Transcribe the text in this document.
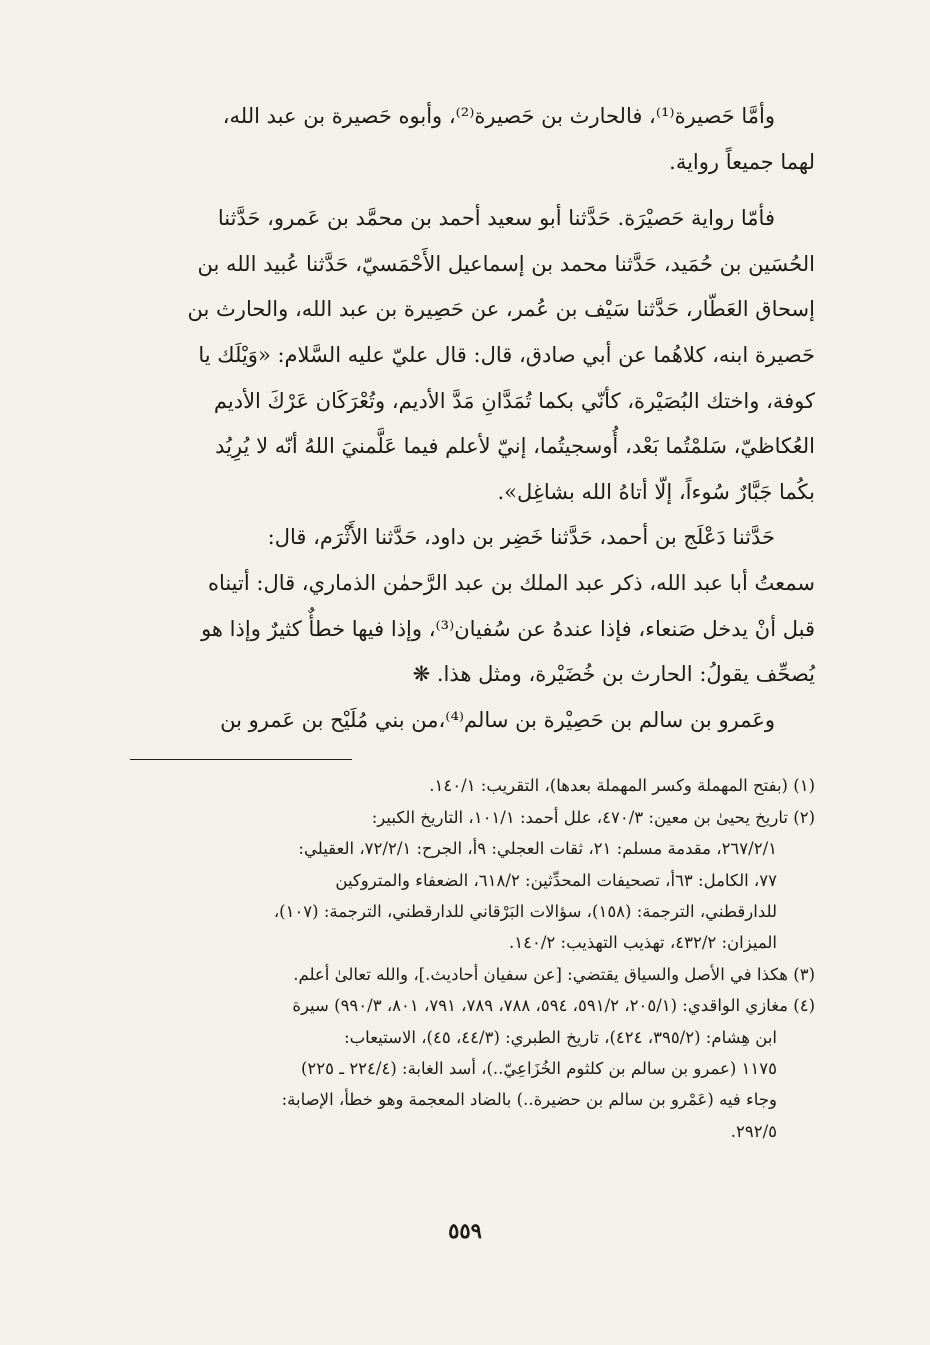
وأمَّا حَصيرة⁽¹⁾، فالحارث بن حَصيرة⁽²⁾، وأبوه حَصيرة بن عبد الله،
لهما جميعاً رواية.

فأمّا رواية حَصيْرَة. حَدَّثنا أبو سعيد أحمد بن محمَّد بن عَمرو، حَدَّثنا
الحُسَين بن حُمَيد، حَدَّثنا محمد بن إسماعيل الأَحْمَسيّ، حَدَّثنا عُبيد الله بن
إسحاق العَطّار، حَدَّثنا سَيْف بن عُمر، عن حَصِيرة بن عبد الله، والحارث بن
حَصيرة ابنه، كلاهُما عن أبي صادق، قال: قال عليّ عليه السَّلام: «وَيْلَك يا
كوفة، واختك البُصَيْرة، كأنّي بكما تُمَدَّانِ مَدَّ الأديم، وتُعْرَكَان عَرْكَ الأديم
العُكاظيّ، سَلمْتُما بَعْد، أُوسجيتُما، إنيّ لأعلم فيما عَلَّمنيَ اللهُ أنّه لا يُرِيُد
بكُما جَبَّارٌ سُوءاً، إلّا أتاهُ الله بشاغِل».

حَدَّثنا دَعْلَج بن أحمد، حَدَّثنا خَضِر بن داود، حَدَّثنا الأَثْرَم، قال:
سمعتُ أبا عبد الله، ذكر عبد الملك بن عبد الرَّحمٰن الذماري، قال: أتيناه
قبل أنْ يدخل صَنعاء، فإذا عندهُ عن سُفيان⁽³⁾، وإذا فيها خطأٌ كثيرٌ وإذا هو
يُصحِّف يقولُ: الحارث بن خُضَيْرة، ومثل هذا. ❋

وعَمرو بن سالم بن حَصِيْرة بن سالم⁽⁴⁾،من بني مُلَيْح بن عَمرو بن

(١) (بفتح المهملة وكسر المهملة بعدها)، التقريب: ١٤٠/١.

(٢) تاريخ يحيىٰ بن معين: ٤٧٠/٣، علل أحمد: ١٠١/١، التاريخ الكبير:
٢٦٧/٢/١، مقدمة مسلم: ٢١، ثقات العجلي: ٩أ، الجرح: ٧٢/٢/١، العقيلي:
٧٧، الكامل: ٦٣أ، تصحيفات المحدِّثين: ٦١٨/٢، الضعفاء والمتروكين
للدارقطني، الترجمة: (١٥٨)، سؤالات البَرْقاني للدارقطني، الترجمة: (١٠٧)،
الميزان: ٤٣٢/٢، تهذيب التهذيب: ١٤٠/٢.

(٣) هكذا في الأصل والسياق يقتضي: [عن سفيان أحاديث.]، والله تعالىٰ أعلم.

(٤) مغازي الواقدي: (٢٠٥/١، ٥٩١/٢، ٥٩٤، ٧٨٨، ٧٨٩، ٧٩١، ٨٠١، ٩٩٠/٣) سيرة
ابن هِشام: (٣٩٥/٢، ٤٢٤)، تاريخ الطبري: (٤٤/٣، ٤٥)، الاستيعاب:
١١٧٥ (عمرو بن سالم بن كلثوم الخُزَاعِيّ..)، أسد الغابة: (٢٢٤/٤ ـ ٢٢٥)
وجاء فيه (عَمْرو بن سالم بن حضيرة..) بالضاد المعجمة وهو خطأ، الإصابة:
٢٩٢/٥.

٥٥٩
